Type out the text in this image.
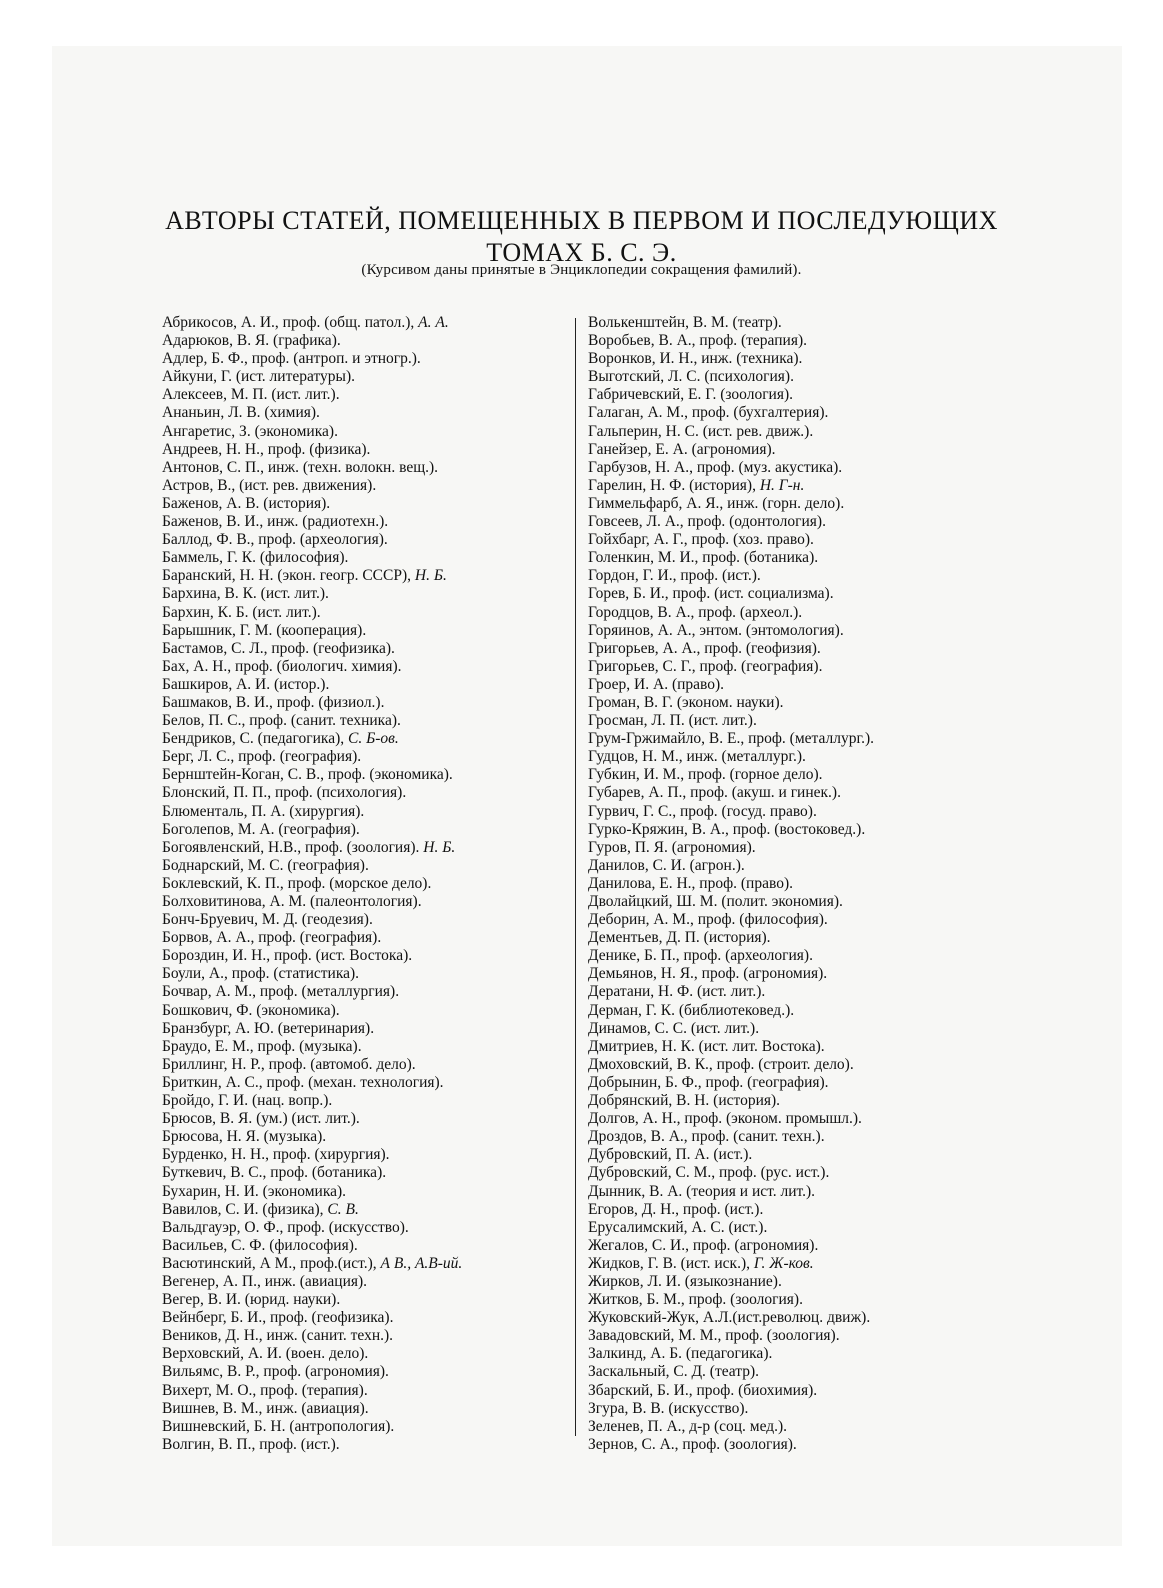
АВТОРЫ СТАТЕЙ, ПОМЕЩЕННЫХ В ПЕРВОМ И ПОСЛЕДУЮЩИХ
ТОМАХ Б. С. Э.
(Курсивом даны принятые в Энциклопедии сокращения фамилий).
Абрикосов, А. И., проф. (общ. патол.), А. А.
Адарюков, В. Я. (графика).
Адлер, Б. Ф., проф. (антроп. и этногр.).
Айкуни, Г. (ист. литературы).
Алексеев, М. П. (ист. лит.).
Ананьин, Л. В. (химия).
Ангаретис, З. (экономика).
Андреев, Н. Н., проф. (физика).
Антонов, С. П., инж. (техн. волокн. вещ.).
Астров, В., (ист. рев. движения).
Баженов, А. В. (история).
Баженов, В. И., инж. (радиотехн.).
Баллод, Ф. В., проф. (археология).
Баммель, Г. К. (философия).
Баранский, Н. Н. (экон. геогр. СССР), Н. Б.
Бархина, В. К. (ист. лит.).
Бархин, К. Б. (ист. лит.).
Барышник, Г. М. (кооперация).
Бастамов, С. Л., проф. (геофизика).
Бах, А. Н., проф. (биологич. химия).
Башкиров, А. И. (истор.).
Башмаков, В. И., проф. (физиол.).
Белов, П. С., проф. (санит. техника).
Бендриков, С. (педагогика), С. Б-ов.
Берг, Л. С., проф. (география).
Бернштейн-Коган, С. В., проф. (экономика).
Блонский, П. П., проф. (психология).
Блюменталь, П. А. (хирургия).
Боголепов, М. А. (география).
Богоявленский, Н.В., проф. (зоология). Н. Б.
Боднарский, М. С. (география).
Боклевский, К. П., проф. (морское дело).
Болховитинова, А. М. (палеонтология).
Бонч-Бруевич, М. Д. (геодезия).
Борвов, А. А., проф. (география).
Бороздин, И. Н., проф. (ист. Востока).
Боули, А., проф. (статистика).
Бочвар, А. М., проф. (металлургия).
Бошкович, Ф. (экономика).
Бранзбург, А. Ю. (ветеринария).
Браудо, Е. М., проф. (музыка).
Бриллинг, Н. Р., проф. (автомоб. дело).
Бриткин, А. С., проф. (механ. технология).
Бройдо, Г. И. (нац. вопр.).
Брюсов, В. Я. (ум.) (ист. лит.).
Брюсова, Н. Я. (музыка).
Бурденко, Н. Н., проф. (хирургия).
Буткевич, В. С., проф. (ботаника).
Бухарин, Н. И. (экономика).
Вавилов, С. И. (физика), С. В.
Вальдгауэр, О. Ф., проф. (искусство).
Васильев, С. Ф. (философия).
Васютинский, А М., проф.(ист.), А В., А.В-ий.
Вегенер, А. П., инж. (авиация).
Вегер, В. И. (юрид. науки).
Вейнберг, Б. И., проф. (геофизика).
Веников, Д. Н., инж. (санит. техн.).
Верховский, А. И. (воен. дело).
Вильямс, В. Р., проф. (агрономия).
Вихерт, М. О., проф. (терапия).
Вишнев, В. М., инж. (авиация).
Вишневский, Б. Н. (антропология).
Волгин, В. П., проф. (ист.).
Волькенштейн, В. М. (театр).
Воробьев, В. А., проф. (терапия).
Воронков, И. Н., инж. (техника).
Выготский, Л. С. (психология).
Габричевский, Е. Г. (зоология).
Галаган, А. М., проф. (бухгалтерия).
Гальперин, Н. С. (ист. рев. движ.).
Ганейзер, Е. А. (агрономия).
Гарбузов, Н. А., проф. (муз. акустика).
Гарелин, Н. Ф. (история), Н. Г-н.
Гиммельфарб, А. Я., инж. (горн. дело).
Говсеев, Л. А., проф. (одонтология).
Гойхбарг, А. Г., проф. (хоз. право).
Голенкин, М. И., проф. (ботаника).
Гордон, Г. И., проф. (ист.).
Горев, Б. И., проф. (ист. социализма).
Городцов, В. А., проф. (археол.).
Горяинов, А. А., энтом. (энтомология).
Григорьев, А. А., проф. (геофизия).
Григорьев, С. Г., проф. (география).
Гроер, И. А. (право).
Громан, В. Г. (эконом. науки).
Гросман, Л. П. (ист. лит.).
Грум-Гржимайло, В. Е., проф. (металлург.).
Гудцов, Н. М., инж. (металлург.).
Губкин, И. М., проф. (горное дело).
Губарев, А. П., проф. (акуш. и гинек.).
Гурвич, Г. С., проф. (госуд. право).
Гурко-Кряжин, В. А., проф. (востоковед.).
Гуров, П. Я. (агрономия).
Данилов, С. И. (агрон.).
Данилова, Е. Н., проф. (право).
Дволайцкий, Ш. М. (полит. экономия).
Деборин, А. М., проф. (философия).
Дементьев, Д. П. (история).
Денике, Б. П., проф. (археология).
Демьянов, Н. Я., проф. (агрономия).
Дератани, Н. Ф. (ист. лит.).
Дерман, Г. К. (библиотековед.).
Динамов, С. С. (ист. лит.).
Дмитриев, Н. К. (ист. лит. Востока).
Дмоховский, В. К., проф. (строит. дело).
Добрынин, Б. Ф., проф. (география).
Добрянский, В. Н. (история).
Долгов, А. Н., проф. (эконом. промышл.).
Дроздов, В. А., проф. (санит. техн.).
Дубровский, П. А. (ист.).
Дубровский, С. М., проф. (рус. ист.).
Дынник, В. А. (теория и ист. лит.).
Егоров, Д. Н., проф. (ист.).
Ерусалимский, А. С. (ист.).
Жегалов, С. И., проф. (агрономия).
Жидков, Г. В. (ист. иск.), Г. Ж-ков.
Жирков, Л. И. (языкознание).
Житков, Б. М., проф. (зоология).
Жуковский-Жук, А.Л.(ист.революц. движ).
Завадовский, М. М., проф. (зоология).
Залкинд, А. Б. (педагогика).
Заскальный, С. Д. (театр).
Збарский, Б. И., проф. (биохимия).
Згура, В. В. (искусство).
Зеленев, П. А., д-р (соц. мед.).
Зернов, С. А., проф. (зоология).
